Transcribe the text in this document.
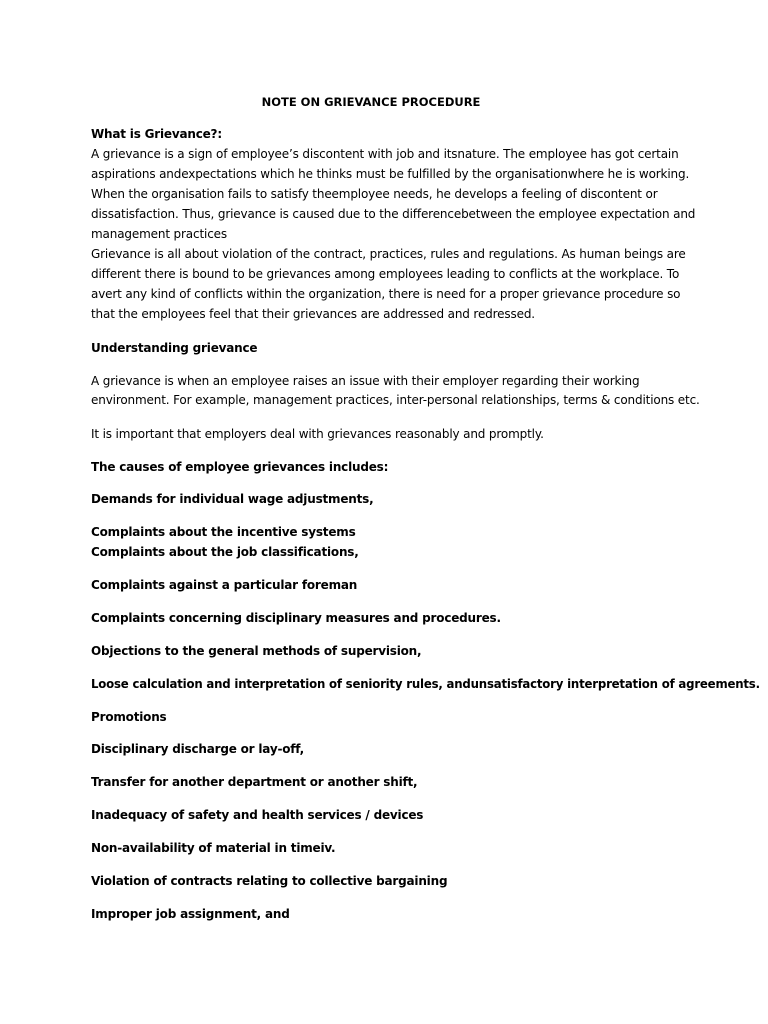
NOTE ON GRIEVANCE PROCEDURE
What is Grievance?:
A grievance is a sign of employee’s discontent with job and itsnature. The employee has got certain
aspirations andexpectations which he thinks must be fulfilled by the organisationwhere he is working.
When the organisation fails to satisfy theemployee needs, he develops a feeling of discontent or
dissatisfaction. Thus, grievance is caused due to the differencebetween the employee expectation and
management practices
Grievance is all about violation of the contract, practices, rules and regulations. As human beings are
different there is bound to be grievances among employees leading to conflicts at the workplace. To
avert any kind of conflicts within the organization, there is need for a proper grievance procedure so
that the employees feel that their grievances are addressed and redressed.
Understanding grievance
A grievance is when an employee raises an issue with their employer regarding their working
environment. For example, management practices, inter-personal relationships, terms & conditions etc.
It is important that employers deal with grievances reasonably and promptly.
The causes of employee grievances includes:
Demands for individual wage adjustments,
Complaints about the incentive systems
Complaints about the job classifications,
Complaints against a particular foreman
Complaints concerning disciplinary measures and procedures.
Objections to the general methods of supervision,
Loose calculation and interpretation of seniority rules, andunsatisfactory interpretation of agreements.
Promotions
Disciplinary discharge or lay-off,
Transfer for another department or another shift,
Inadequacy of safety and health services / devices
Non-availability of material in timeiv.
Violation of contracts relating to collective bargaining
Improper job assignment, and
